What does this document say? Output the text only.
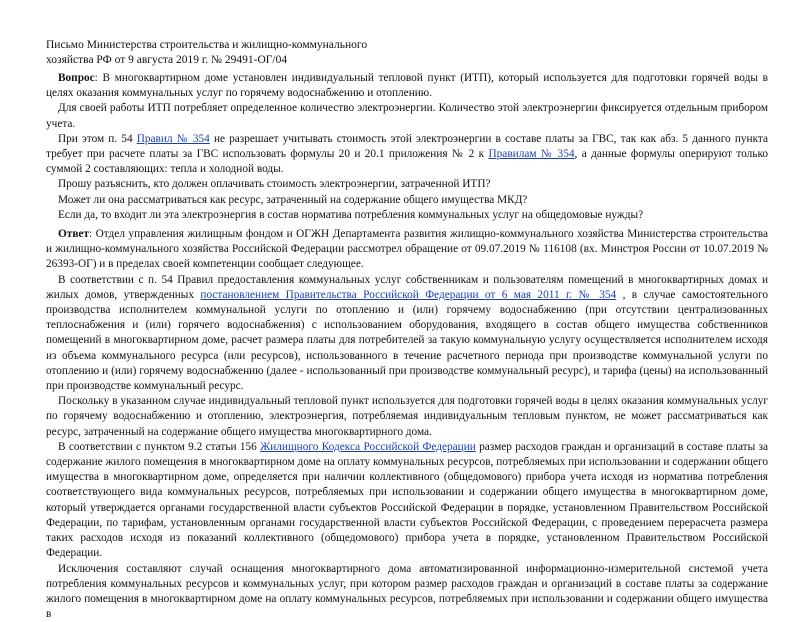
Письмо Министерства строительства и жилищно-коммунального
хозяйства РФ от 9 августа 2019 г. № 29491-ОГ/04

Вопрос: В многоквартирном доме установлен индивидуальный тепловой пункт (ИТП), который используется для подготовки горячей воды в целях оказания коммунальных услуг по горячему водоснабжению и отоплению.

Для своей работы ИТП потребляет определенное количество электроэнергии. Количество этой электроэнергии фиксируется отдельным прибором учета.

При этом п. 54 Правил № 354 не разрешает учитывать стоимость этой электроэнергии в составе платы за ГВС, так как абз. 5 данного пункта требует при расчете платы за ГВС использовать формулы 20 и 20.1 приложения № 2 к Правилам № 354, а данные формулы оперируют только суммой 2 составляющих: тепла и холодной воды.

Прошу разъяснить, кто должен оплачивать стоимость электроэнергии, затраченной ИТП?

Может ли она рассматриваться как ресурс, затраченный на содержание общего имущества МКД?

Если да, то входит ли эта электроэнергия в состав норматива потребления коммунальных услуг на общедомовые нужды?

Ответ: Отдел управления жилищным фондом и ОГЖН Департамента развития жилищно-коммунального хозяйства Министерства строительства и жилищно-коммунального хозяйства Российской Федерации рассмотрел обращение от 09.07.2019 № 116108 (вх. Минстроя России от 10.07.2019 № 26393-ОГ) и в пределах своей компетенции сообщает следующее.

В соответствии с п. 54 Правил предоставления коммунальных услуг собственникам и пользователям помещений в многоквартирных домах и жилых домов, утвержденных постановлением Правительства Российской Федерации от 6 мая 2011 г. № 354 , в случае самостоятельного производства исполнителем коммунальной услуги по отоплению и (или) горячему водоснабжению (при отсутствии централизованных теплоснабжения и (или) горячего водоснабжения) с использованием оборудования, входящего в состав общего имущества собственников помещений в многоквартирном доме, расчет размера платы для потребителей за такую коммунальную услугу осуществляется исполнителем исходя из объема коммунального ресурса (или ресурсов), использованного в течение расчетного периода при производстве коммунальной услуги по отоплению и (или) горячему водоснабжению (далее - использованный при производстве коммунальный ресурс), и тарифа (цены) на использованный при производстве коммунальный ресурс.

Поскольку в указанном случае индивидуальный тепловой пункт используется для подготовки горячей воды в целях оказания коммунальных услуг по горячему водоснабжению и отоплению, электроэнергия, потребляемая индивидуальным тепловым пунктом, не может рассматриваться как ресурс, затраченный на содержание общего имущества многоквартирного дома.

В соответствии с пунктом 9.2 статьи 156 Жилищного Кодекса Российской Федерации размер расходов граждан и организаций в составе платы за содержание жилого помещения в многоквартирном доме на оплату коммунальных ресурсов, потребляемых при использовании и содержании общего имущества в многоквартирном доме, определяется при наличии коллективного (общедомового) прибора учета исходя из норматива потребления соответствующего вида коммунальных ресурсов, потребляемых при использовании и содержании общего имущества в многоквартирном доме, который утверждается органами государственной власти субъектов Российской Федерации в порядке, установленном Правительством Российской Федерации, по тарифам, установленным органами государственной власти субъектов Российской Федерации, с проведением перерасчета размера таких расходов исходя из показаний коллективного (общедомового) прибора учета в порядке, установленном Правительством Российской Федерации.

Исключения составляют случай оснащения многоквартирного дома автоматизированной информационно-измерительной системой учета потребления коммунальных ресурсов и коммунальных услуг, при котором размер расходов граждан и организаций в составе платы за содержание жилого помещения в многоквартирном доме на оплату коммунальных ресурсов, потребляемых при использовании и содержании общего имущества в
